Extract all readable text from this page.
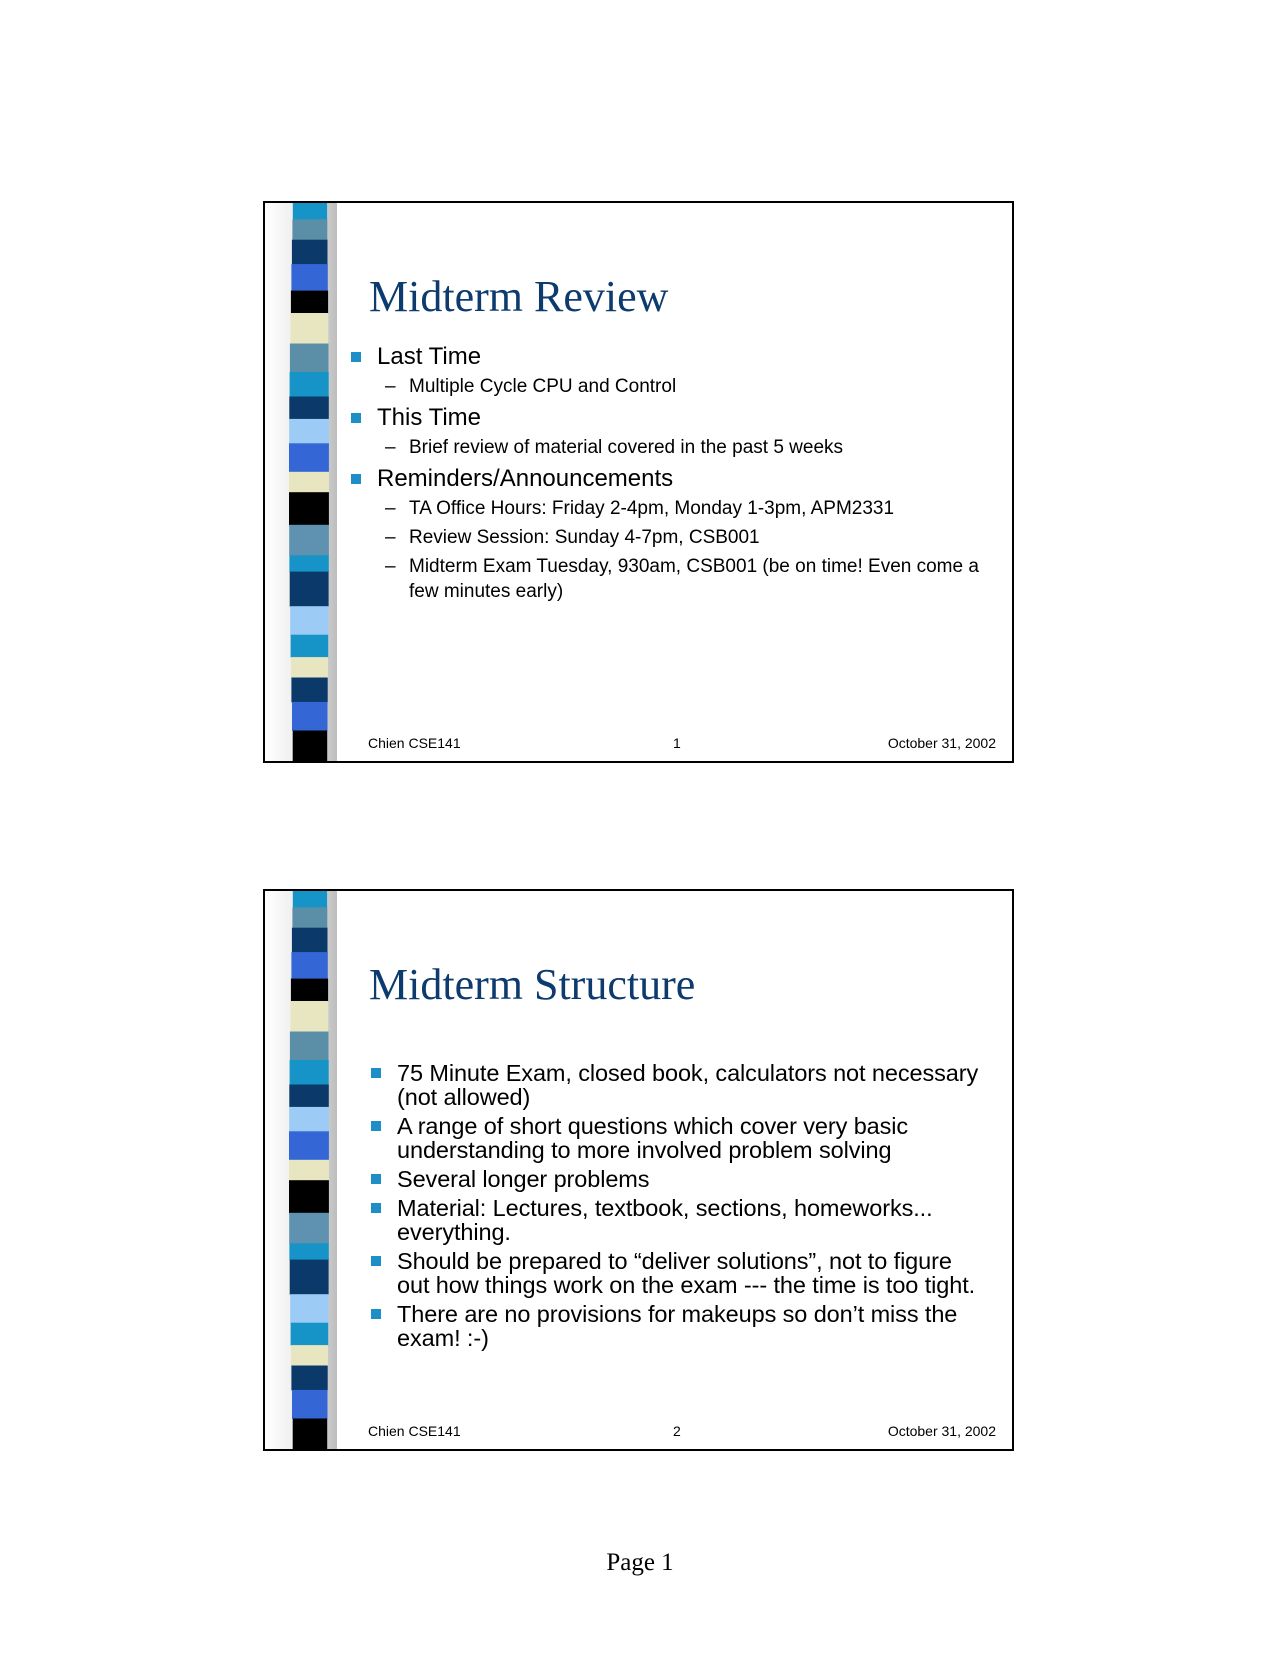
Midterm Review
Last Time
– Multiple Cycle CPU and Control
This Time
– Brief review of material covered in the past 5 weeks
Reminders/Announcements
– TA Office Hours: Friday 2-4pm, Monday 1-3pm, APM2331
– Review Session: Sunday 4-7pm, CSB001
– Midterm Exam Tuesday, 930am, CSB001 (be on time! Even come a few minutes early)
Chien CSE141	1	October 31, 2002
Midterm Structure
75 Minute Exam, closed book, calculators not necessary (not allowed)
A range of short questions which cover very basic understanding to more involved problem solving
Several longer problems
Material: Lectures, textbook, sections, homeworks... everything.
Should be prepared to “deliver solutions”, not to figure out how things work on the exam --- the time is too tight.
There are no provisions for makeups so don’t miss the exam! :-)
Chien CSE141	2	October 31, 2002
Page 1
